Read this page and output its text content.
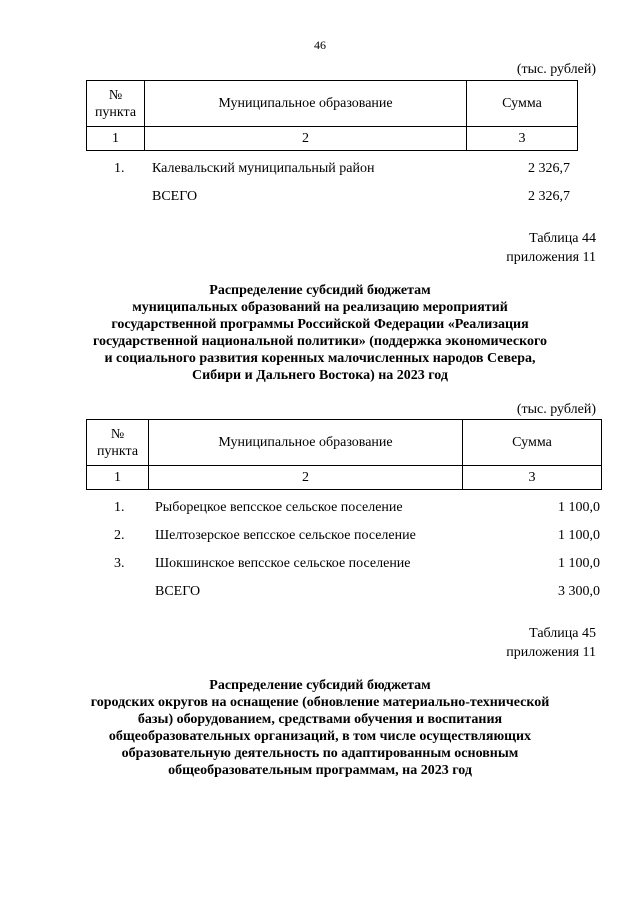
46
(тыс. рублей)
№
пункта	Муниципальное образование	Сумма
1	2	3
1. Калевальский муниципальный район	2 326,7
ВСЕГО	2 326,7
Таблица 44
приложения 11
Распределение субсидий бюджетам
муниципальных образований на реализацию мероприятий
государственной программы Российской Федерации «Реализация
государственной национальной политики» (поддержка экономического
и социального развития коренных малочисленных народов Севера,
Сибири и Дальнего Востока) на 2023 год
(тыс. рублей)
№
пункта	Муниципальное образование	Сумма
1	2	3
1. Рыборецкое вепсское сельское поселение	1 100,0
2. Шелтозерское вепсское сельское поселение	1 100,0
3. Шокшинское вепсское сельское поселение	1 100,0
ВСЕГО	3 300,0
Таблица 45
приложения 11
Распределение субсидий бюджетам
городских округов на оснащение (обновление материально-технической
базы) оборудованием, средствами обучения и воспитания
общеобразовательных организаций, в том числе осуществляющих
образовательную деятельность по адаптированным основным
общеобразовательным программам, на 2023 год
